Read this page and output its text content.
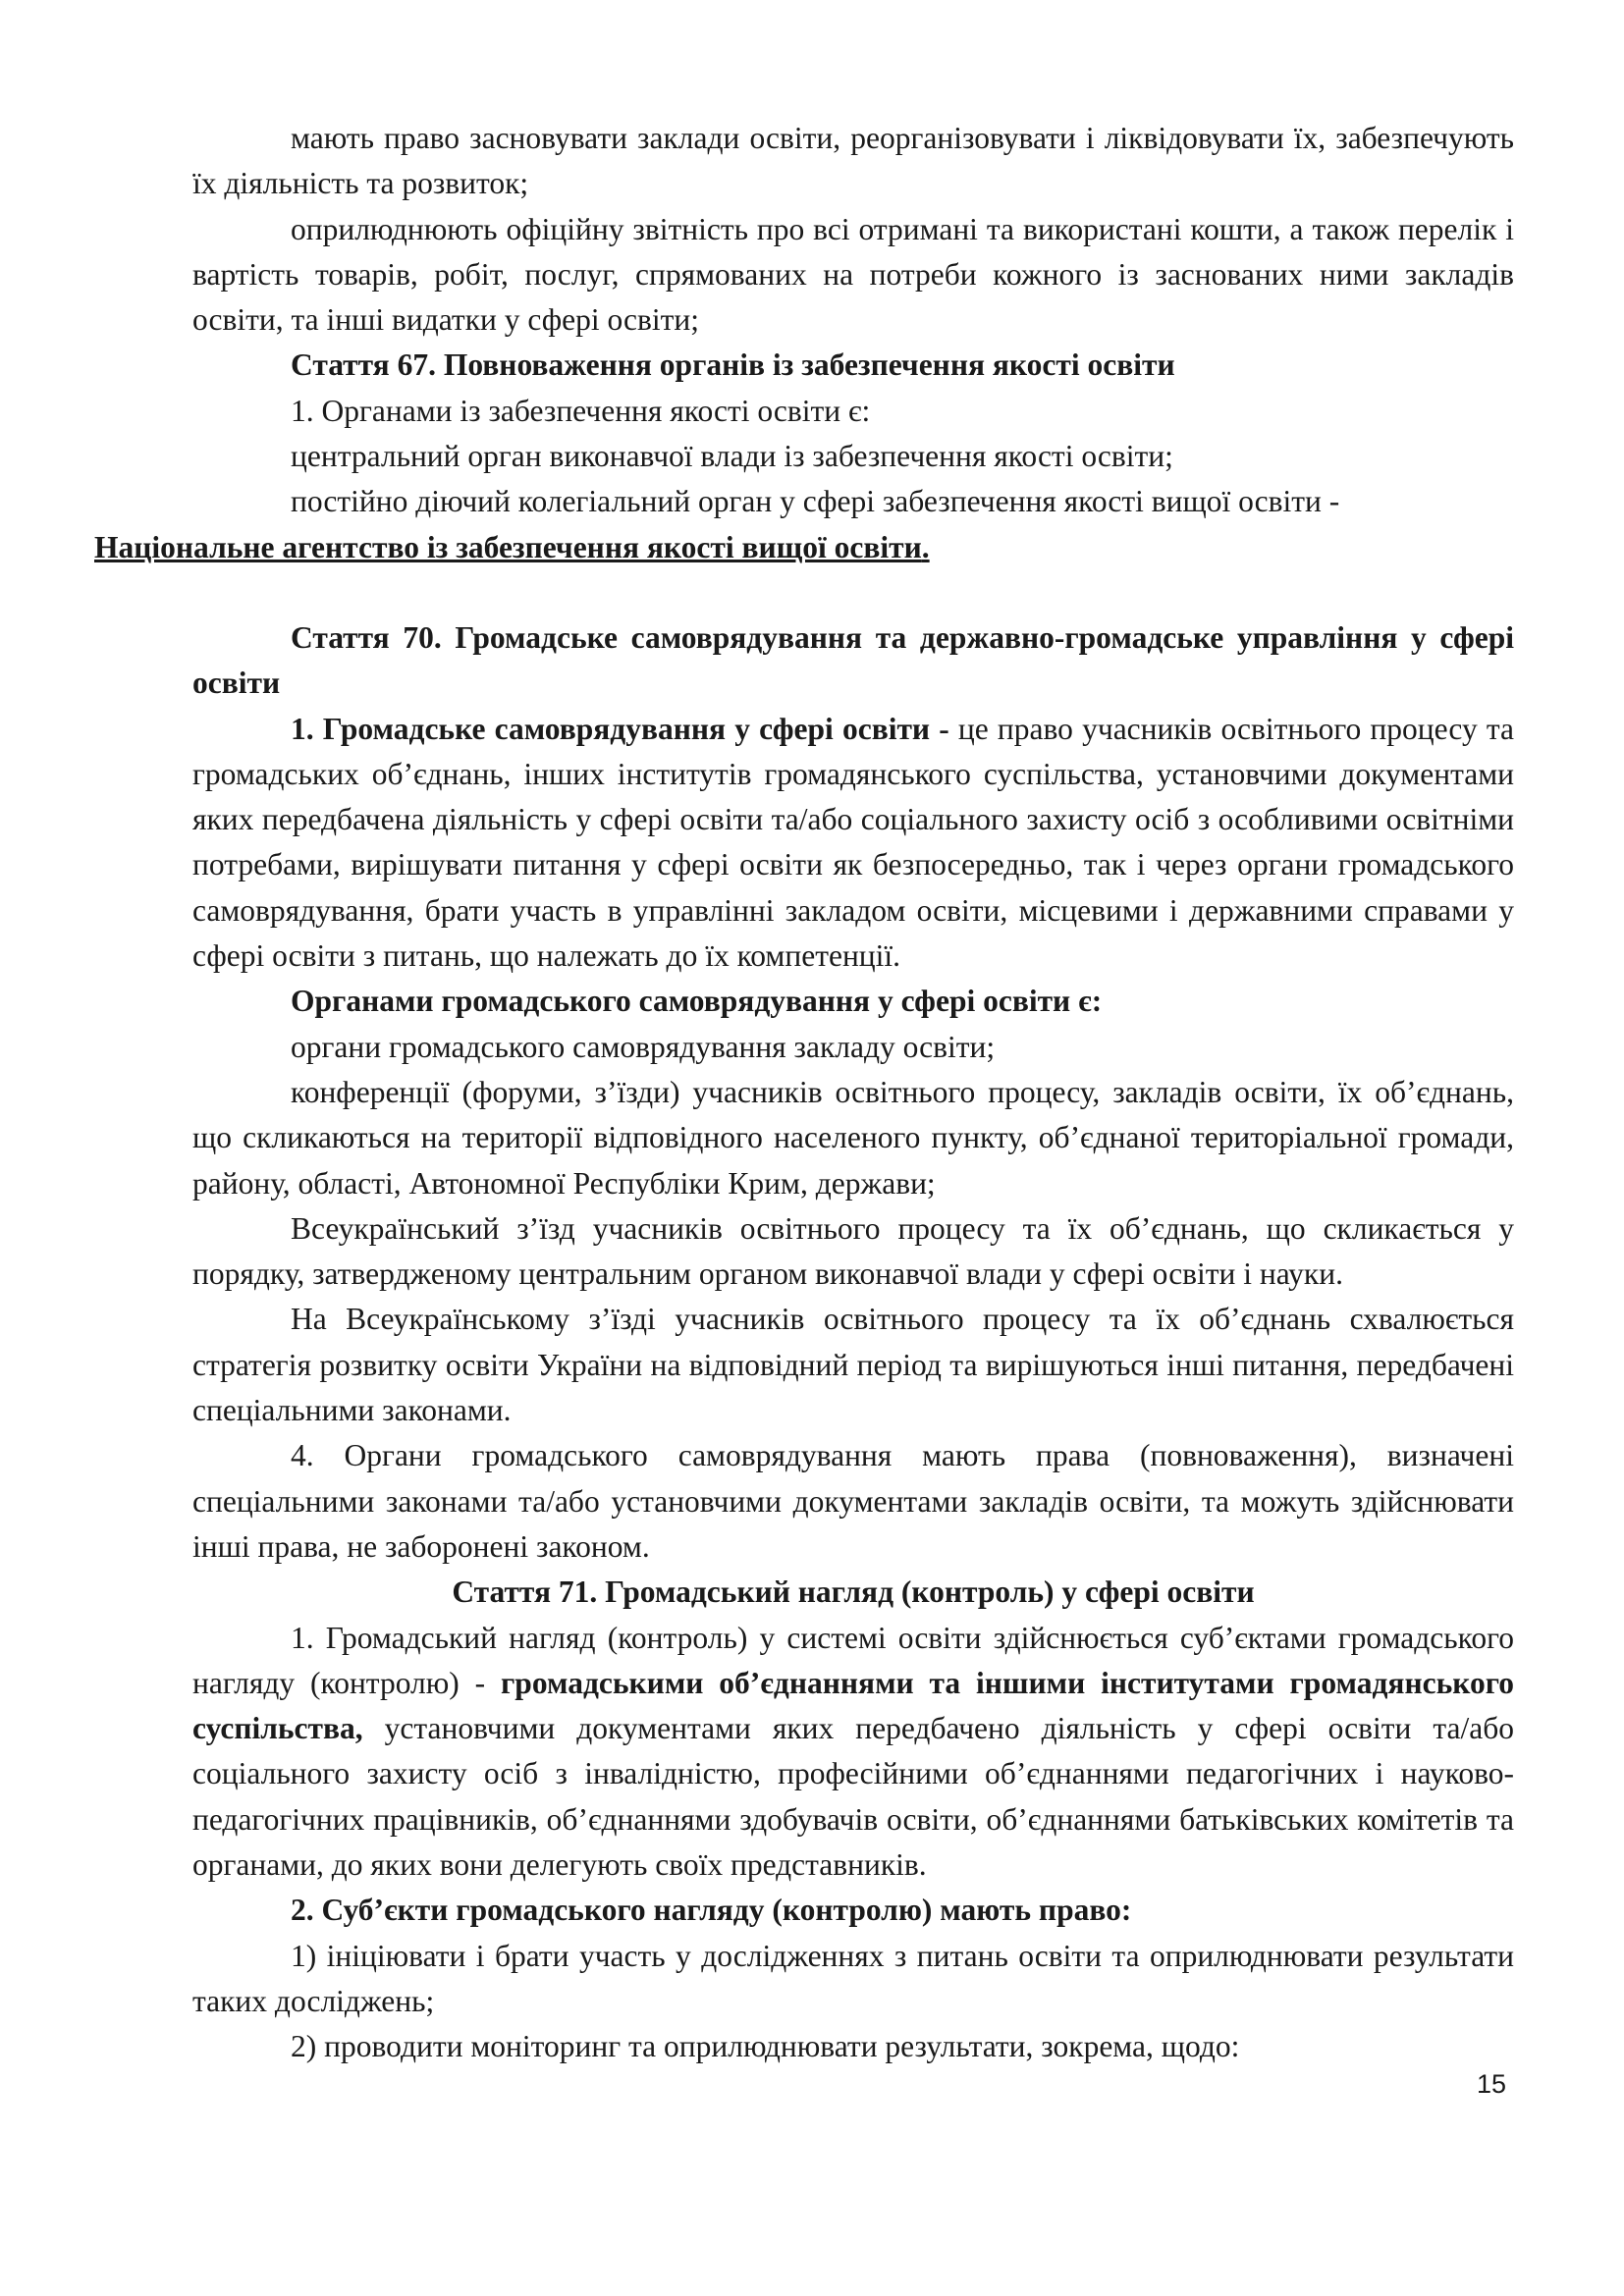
мають право засновувати заклади освіти, реорганізовувати і ліквідовувати їх, забезпечують їх діяльність та розвиток;

оприлюднюють офіційну звітність про всі отримані та використані кошти, а також перелік і вартість товарів, робіт, послуг, спрямованих на потреби кожного із заснованих ними закладів освіти, та інші видатки у сфері освіти;

Стаття 67. Повноваження органів із забезпечення якості освіти

1. Органами із забезпечення якості освіти є:

центральний орган виконавчої влади із забезпечення якості освіти;

постійно діючий колегіальний орган у сфері забезпечення якості вищої освіти -
Національне агентство із забезпечення якості вищої освіти.

Стаття 70. Громадське самоврядування та державно-громадське управління у сфері освіти

1. Громадське самоврядування у сфері освіти - це право учасників освітнього процесу та громадських об’єднань, інших інститутів громадянського суспільства, установчими документами яких передбачена діяльність у сфері освіти та/або соціального захисту осіб з особливими освітніми потребами, вирішувати питання у сфері освіти як безпосередньо, так і через органи громадського самоврядування, брати участь в управлінні закладом освіти, місцевими і державними справами у сфері освіти з питань, що належать до їх компетенції.

Органами громадського самоврядування у сфері освіти є:

органи громадського самоврядування закладу освіти;

конференції (форуми, з’їзди) учасників освітнього процесу, закладів освіти, їх об’єднань, що скликаються на території відповідного населеного пункту, об’єднаної територіальної громади, району, області, Автономної Республіки Крим, держави;

Всеукраїнський з’їзд учасників освітнього процесу та їх об’єднань, що скликається у порядку, затвердженому центральним органом виконавчої влади у сфері освіти і науки.

На Всеукраїнському з’їзді учасників освітнього процесу та їх об’єднань схвалюється стратегія розвитку освіти України на відповідний період та вирішуються інші питання, передбачені спеціальними законами.

4. Органи громадського самоврядування мають права (повноваження), визначені спеціальними законами та/або установчими документами закладів освіти, та можуть здійснювати інші права, не заборонені законом.

Стаття 71. Громадський нагляд (контроль) у сфері освіти

1. Громадський нагляд (контроль) у системі освіти здійснюється суб’єктами громадського нагляду (контролю) - громадськими об’єднаннями та іншими інститутами громадянського суспільства, установчими документами яких передбачено діяльність у сфері освіти та/або соціального захисту осіб з інвалідністю, професійними об’єднаннями педагогічних і науково-педагогічних працівників, об’єднаннями здобувачів освіти, об’єднаннями батьківських комітетів та органами, до яких вони делегують своїх представників.

2. Суб’єкти громадського нагляду (контролю) мають право:

1) ініціювати і брати участь у дослідженнях з питань освіти та оприлюднювати результати таких досліджень;

2) проводити моніторинг та оприлюднювати результати, зокрема, щодо:

15
